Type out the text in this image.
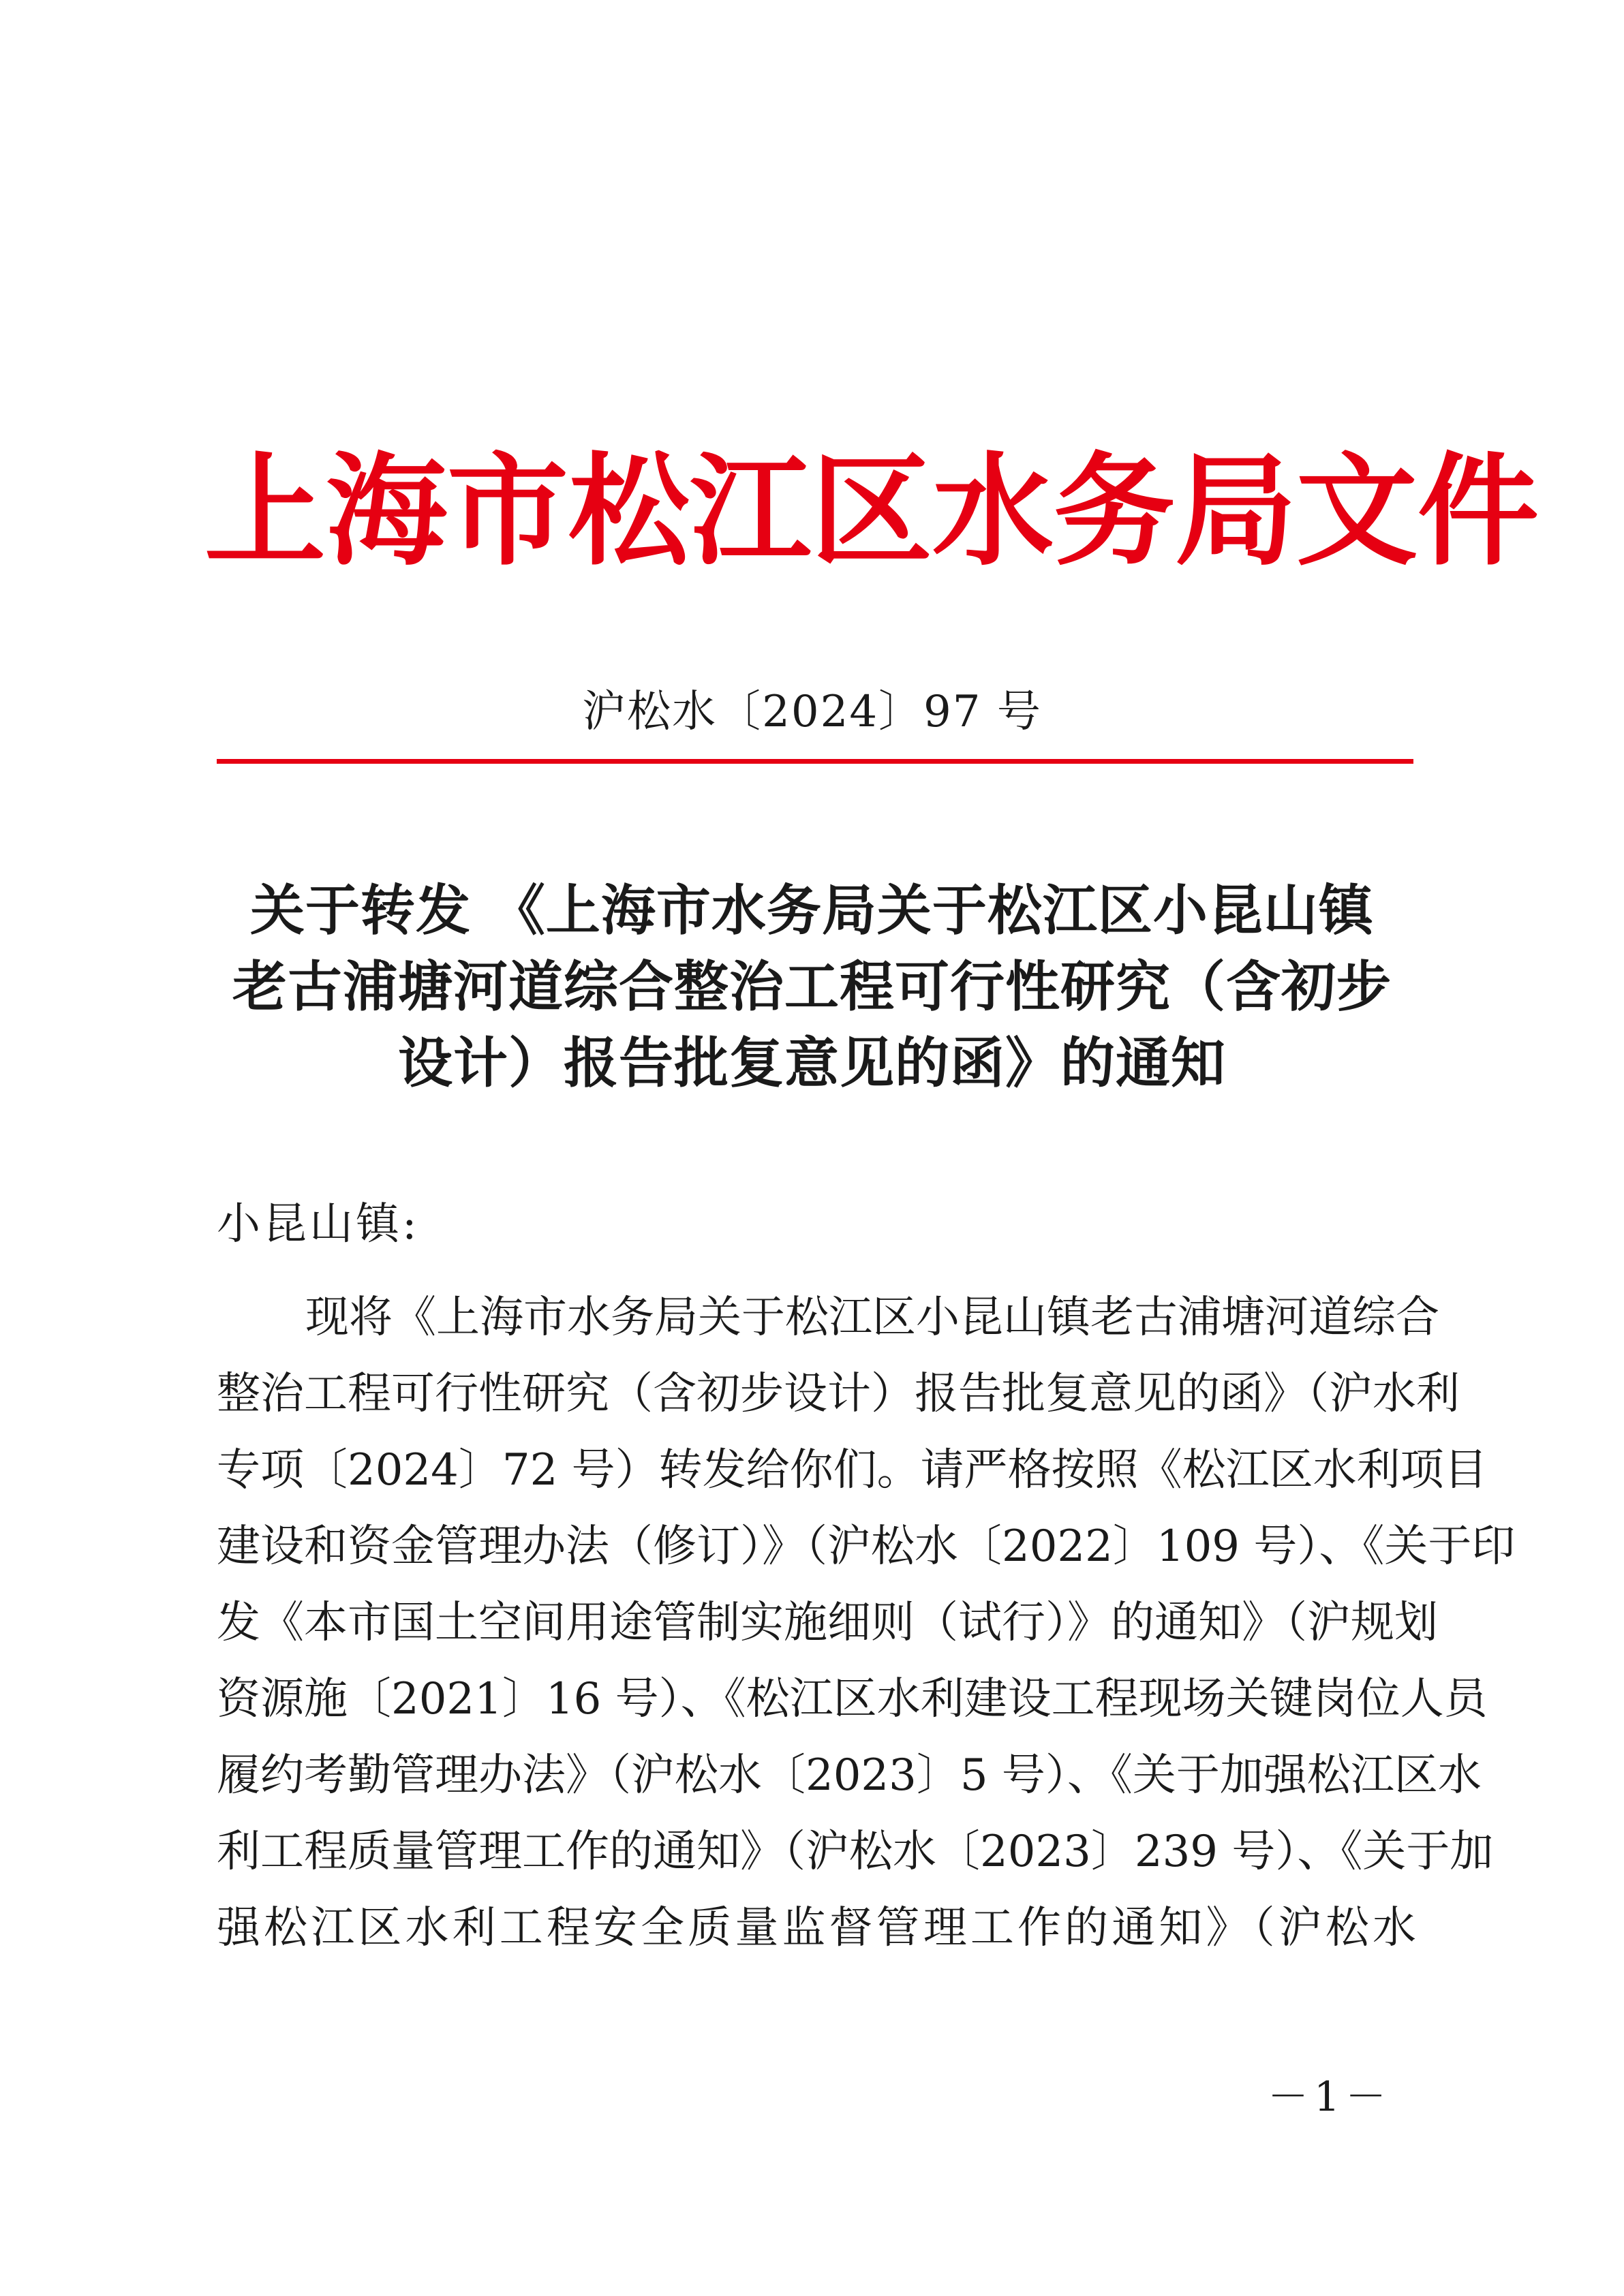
上 海 市 松 江 区 水 务 局 文 件
沪松水〔2024〕97 号
关于转发 《上海市水务局关于松江区小昆山镇
老古浦塘河道综合整治工程可行性研究（含初步
设计）报告批复意见的函》的通知
小昆山镇:
现将《上海市水务局关于松江区小昆山镇老古浦塘河道综合
整治工程可行性研究（含初步设计）报告批复意见的函》（沪水利
专项〔2024〕72 号）转发给你们。请严格按照《松江区水利项目
建设和资金管理办法（修订）》（沪松水〔2022〕109 号）、《关于印
发《本市国土空间用途管制实施细则（试行）》的通知》（沪规划
资源施〔2021〕16 号）、《松江区水利建设工程现场关键岗位人员
履约考勤管理办法》（沪松水〔2023〕5 号）、《关于加强松江区水
利工程质量管理工作的通知》（沪松水〔2023〕239 号）、《关于加
强松江区水利工程安全质量监督管理工作的通知》（沪松水
－1－
